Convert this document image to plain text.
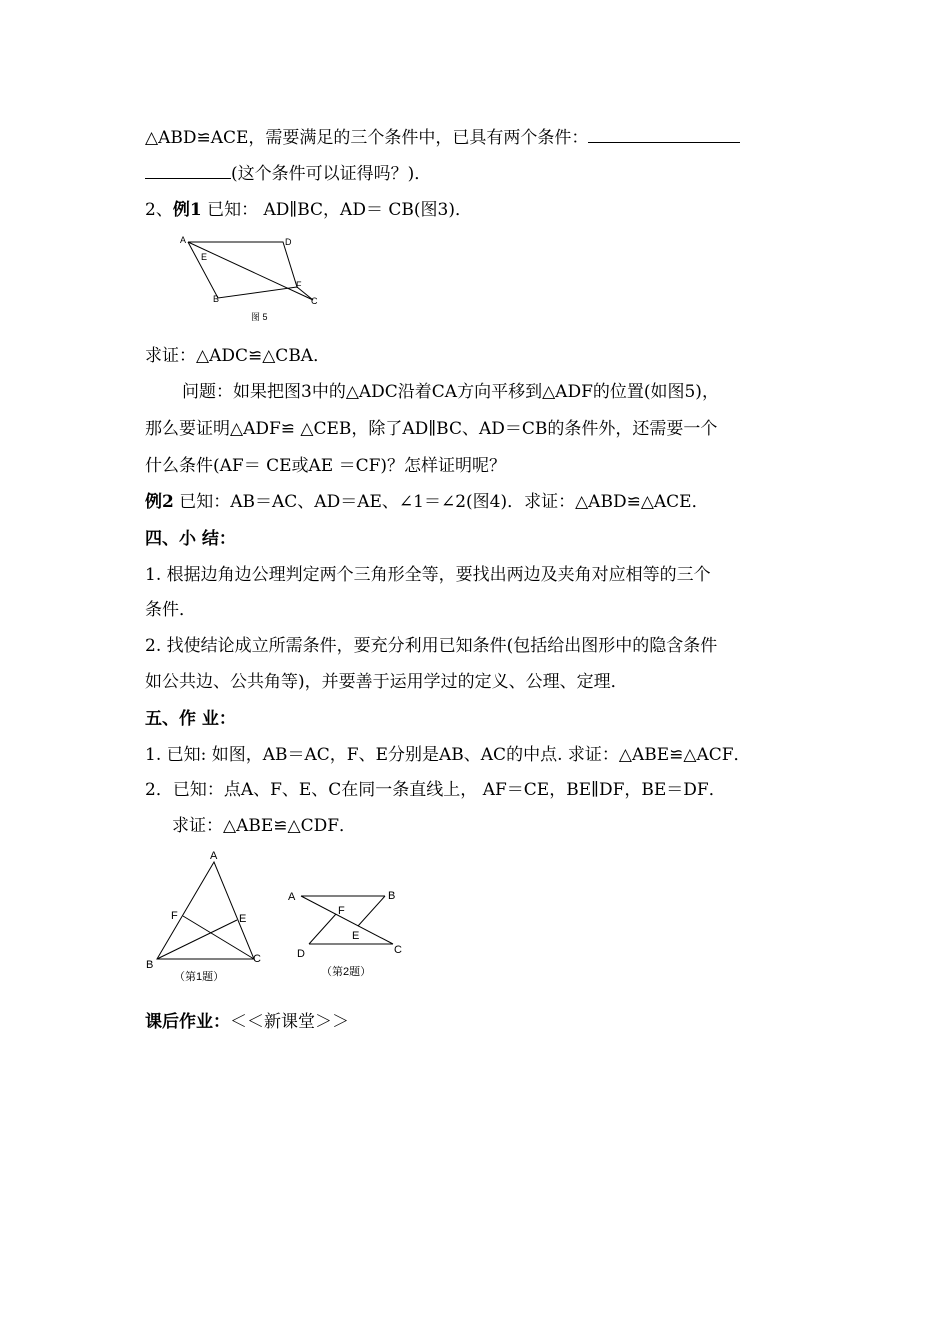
△ABD≌ACE，需要满足的三个条件中，已具有两个条件：
(这个条件可以证得吗？)．
2、例1 已知： AD∥BC，AD＝ CB(图3)．
A	D
E
F
B	C
图 5
求证：△ADC≌△CBA．
问题：如果把图3中的△ADC沿着CA方向平移到△ADF的位置(如图5)，
那么要证明△ADF≌ △CEB，除了AD∥BC、AD＝CB的条件外，还需要一个
什么条件(AF＝ CE或AE ＝CF)？怎样证明呢？
例2 已知：AB＝AC、AD＝AE、∠1＝∠2(图4)．求证：△ABD≌△ACE．
四、小 结：
1. 根据边角边公理判定两个三角形全等，要找出两边及夹角对应相等的三个
条件．
2. 找使结论成立所需条件，要充分利用已知条件(包括给出图形中的隐含条件
如公共边、公共角等)，并要善于运用学过的定义、公理、定理．
五、作 业：
1. 已知: 如图，AB＝AC，F、E分别是AB、AC的中点. 求证：△ABE≌△ACF．
2．已知：点A、F、E、C在同一条直线上， AF＝CE，BE∥DF，BE＝DF．
求证：△ABE≌△CDF．
A
F	E
B	C
（第1题）
A	B
F
E
D	C
（第2题）
课后作业：＜＜新课堂＞＞
